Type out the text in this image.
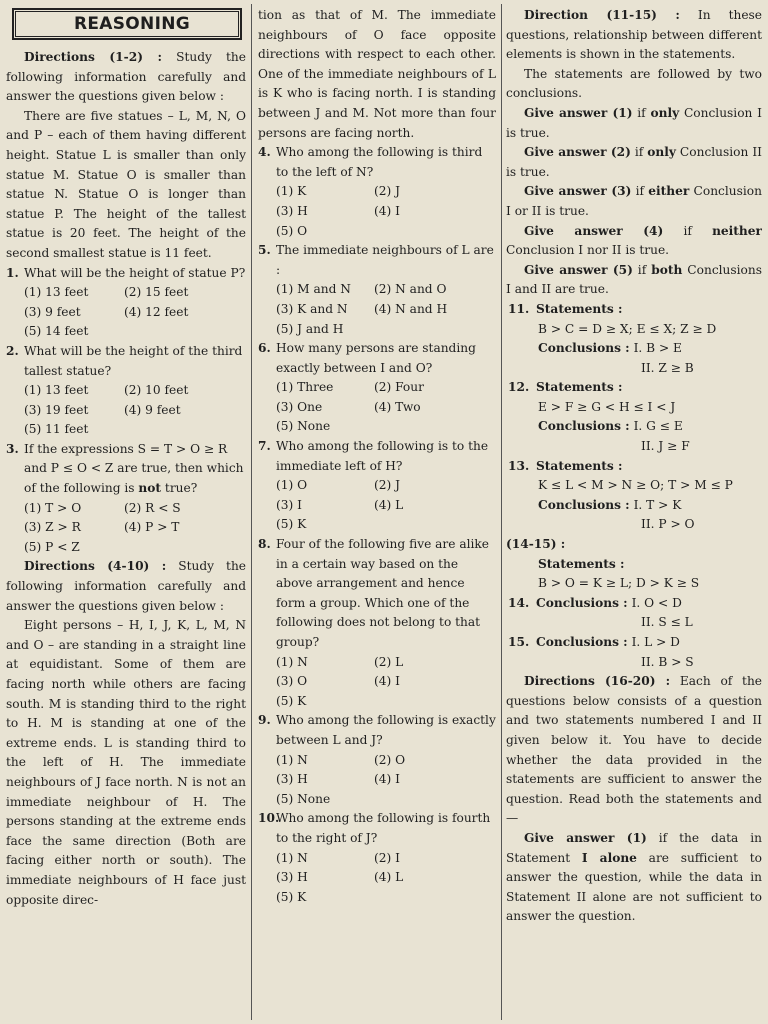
REASONING

Directions (1-2) : Study the following information carefully and answer the questions given below :

There are five statues – L, M, N, O and P – each of them having different height. Statue L is smaller than only statue M. Statue O is smaller than statue N. Statue O is longer than statue P. The height of the tallest statue is 20 feet. The height of the second smallest statue is 11 feet.

1. What will be the height of statue P?
(1) 13 feet	(2) 15 feet
(3) 9 feet	(4) 12 feet
(5) 14 feet
2. What will be the height of the third tallest statue?
(1) 13 feet	(2) 10 feet
(3) 19 feet	(4) 9 feet
(5) 11 feet
3. If the expressions S = T > O ≥ R and P ≤ O < Z are true, then which of the following is not true?
(1) T > O	(2) R < S
(3) Z > R	(4) P > T
(5) P < Z

Directions (4-10) : Study the following information carefully and answer the questions given below :

Eight persons – H, I, J, K, L, M, N and O – are standing in a straight line at equidistant. Some of them are facing north while others are facing south. M is standing third to the right to H. M is standing at one of the extreme ends. L is standing third to the left of H. The immediate neighbours of J face north. N is not an immediate neighbour of H. The persons standing at the extreme ends face the same direction (Both are facing either north or south). The immediate neighbours of H face just opposite direc-

tion as that of M. The immediate neighbours of O face opposite directions with respect to each other. One of the immediate neighbours of L is K who is facing north. I is standing between J and M. Not more than four persons are facing north.

4. Who among the following is third to the left of N?
(1) K	(2) J
(3) H	(4) I
(5) O
5. The immediate neighbours of L are :
(1) M and N	(2) N and O
(3) K and N	(4) N and H
(5) J and H
6. How many persons are standing exactly between I and O?
(1) Three	(2) Four
(3) One	(4) Two
(5) None
7. Who among the following is to the immediate left of H?
(1) O	(2) J
(3) I	(4) L
(5) K
8. Four of the following five are alike in a certain way based on the above arrangement and hence form a group. Which one of the following does not belong to that group?
(1) N	(2) L
(3) O	(4) I
(5) K
9. Who among the following is exactly between L and J?
(1) N	(2) O
(3) H	(4) I
(5) None
10.
Who among the following is fourth to the right of J?
(1) N	(2) I
(3) H	(4) L
(5) K

Direction (11-15) : In these questions, relationship between different elements is shown in the statements.

The statements are followed by two conclusions.

Give answer (1) if only Conclusion I is true.

Give answer (2) if only Conclusion II is true.

Give answer (3) if either Conclusion I or II is true.

Give answer (4) if neither Conclusion I nor II is true.

Give answer (5) if both Conclusions I and II are true.

11. Statements :
B > C = D ≥ X; E ≤ X; Z ≥ D
Conclusions : I. B > E
II. Z ≥ B
12. Statements :
E > F ≥ G < H ≤ I < J
Conclusions : I. G ≤ E
II. J ≥ F
13. Statements :
K ≤ L < M > N ≥ O; T > M ≤ P
Conclusions : I. T > K
II. P > O
(14-15) :
Statements :
B > O = K ≥ L; D > K ≥ S
14. Conclusions : I. O < D
II. S ≤ L
15. Conclusions : I. L > D
II. B > S

Directions (16-20) : Each of the questions below consists of a question and two statements numbered I and II given below it. You have to decide whether the data provided in the statements are sufficient to answer the question. Read both the statements and —

Give answer (1) if the data in Statement I alone are sufficient to answer the question, while the data in Statement II alone are not sufficient to answer the question.
